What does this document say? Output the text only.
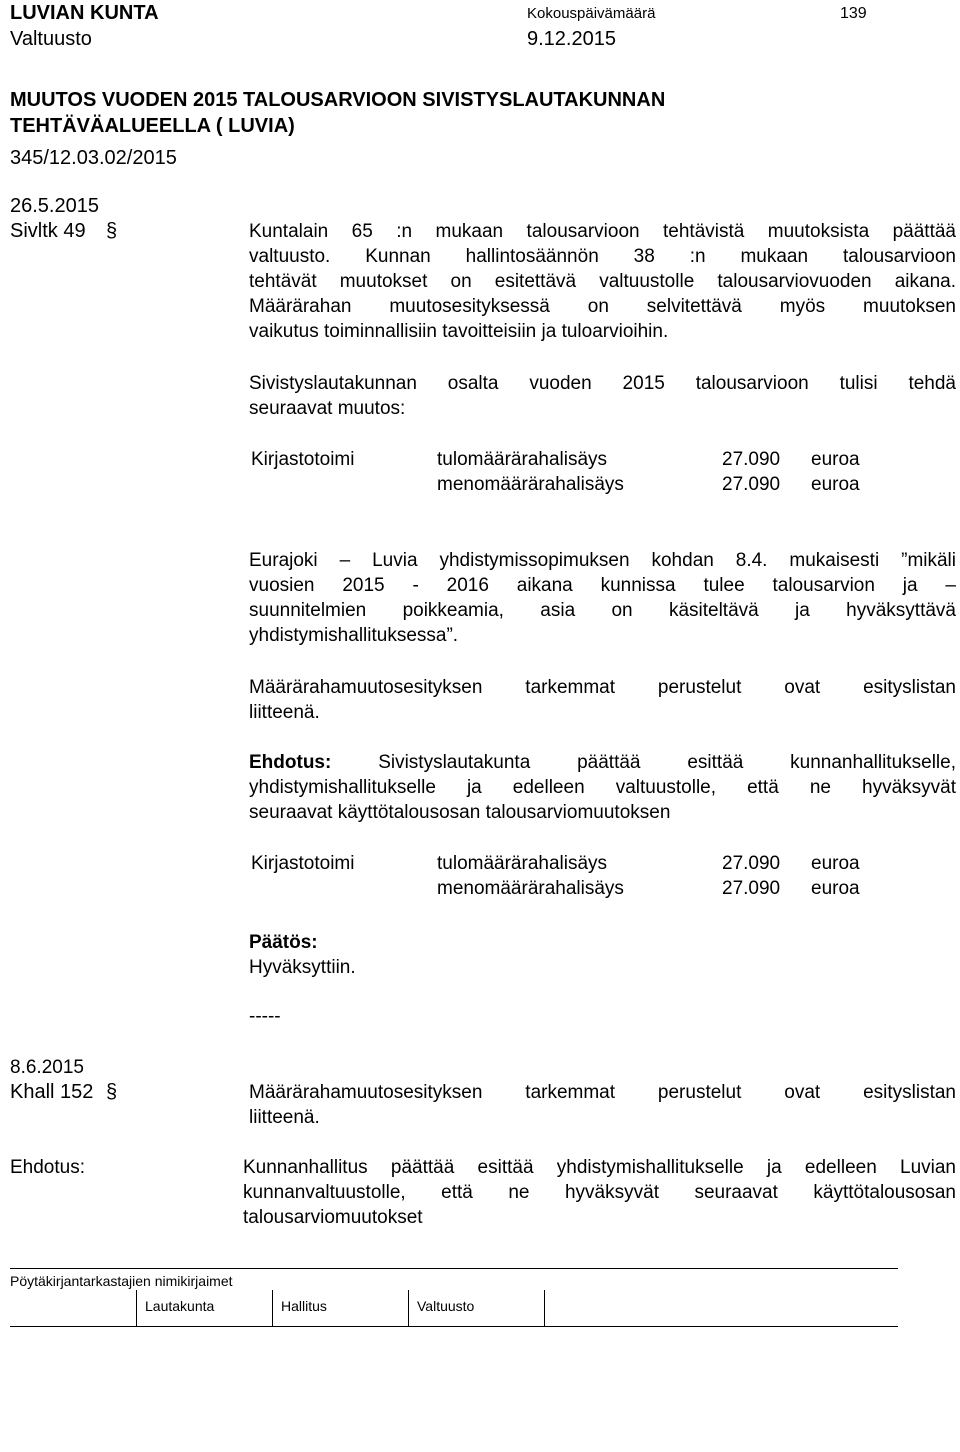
LUVIAN KUNTA
Valtuusto
Kokouspäivämäärä
9.12.2015
139
MUUTOS VUODEN 2015 TALOUSARVIOON SIVISTYSLAUTAKUNNAN
TEHTÄVÄALUEELLA ( LUVIA)
345/12.03.02/2015
26.5.2015
Sivltk 49 §	Kuntalain 65 :n mukaan talousarvioon tehtävistä muutoksista päättää
valtuusto. Kunnan hallintosäännön 38 :n mukaan talousarvioon
tehtävät muutokset on esitettävä valtuustolle talousarviovuoden aikana.
Määrärahan muutosesityksessä on selvitettävä myös muutoksen
vaikutus toiminnallisiin tavoitteisiin ja tuloarvioihin.
Sivistyslautakunnan osalta vuoden 2015 talousarvioon tulisi tehdä
seuraavat muutos:
Kirjastotoimi	tulomäärärahalisäys	27.090 euroa
menomäärärahalisäys	27.090 euroa
Eurajoki – Luvia yhdistymissopimuksen kohdan 8.4. mukaisesti ”mikäli
vuosien 2015 - 2016 aikana kunnissa tulee talousarvion ja –
suunnitelmien poikkeamia, asia on käsiteltävä ja hyväksyttävä
yhdistymishallituksessa”.
Määrärahamuutosesityksen tarkemmat perustelut ovat esityslistan
liitteenä.
Ehdotus: Sivistyslautakunta päättää esittää kunnanhallitukselle,
yhdistymishallitukselle ja edelleen valtuustolle, että ne hyväksyvät
seuraavat käyttötalousosan talousarviomuutoksen
Kirjastotoimi	tulomäärärahalisäys	27.090 euroa
menomäärärahalisäys	27.090 euroa
Päätös:
Hyväksyttiin.
-----
8.6.2015
Khall 152 §	Määrärahamuutosesityksen tarkemmat perustelut ovat esityslistan
liitteenä.
Ehdotus:	Kunnanhallitus päättää esittää yhdistymishallitukselle ja edelleen Luvian
kunnanvaltuustolle, että ne hyväksyvät seuraavat käyttötalousosan
talousarviomuutokset
Pöytäkirjantarkastajien nimikirjaimet
Lautakunta	Hallitus	Valtuusto
